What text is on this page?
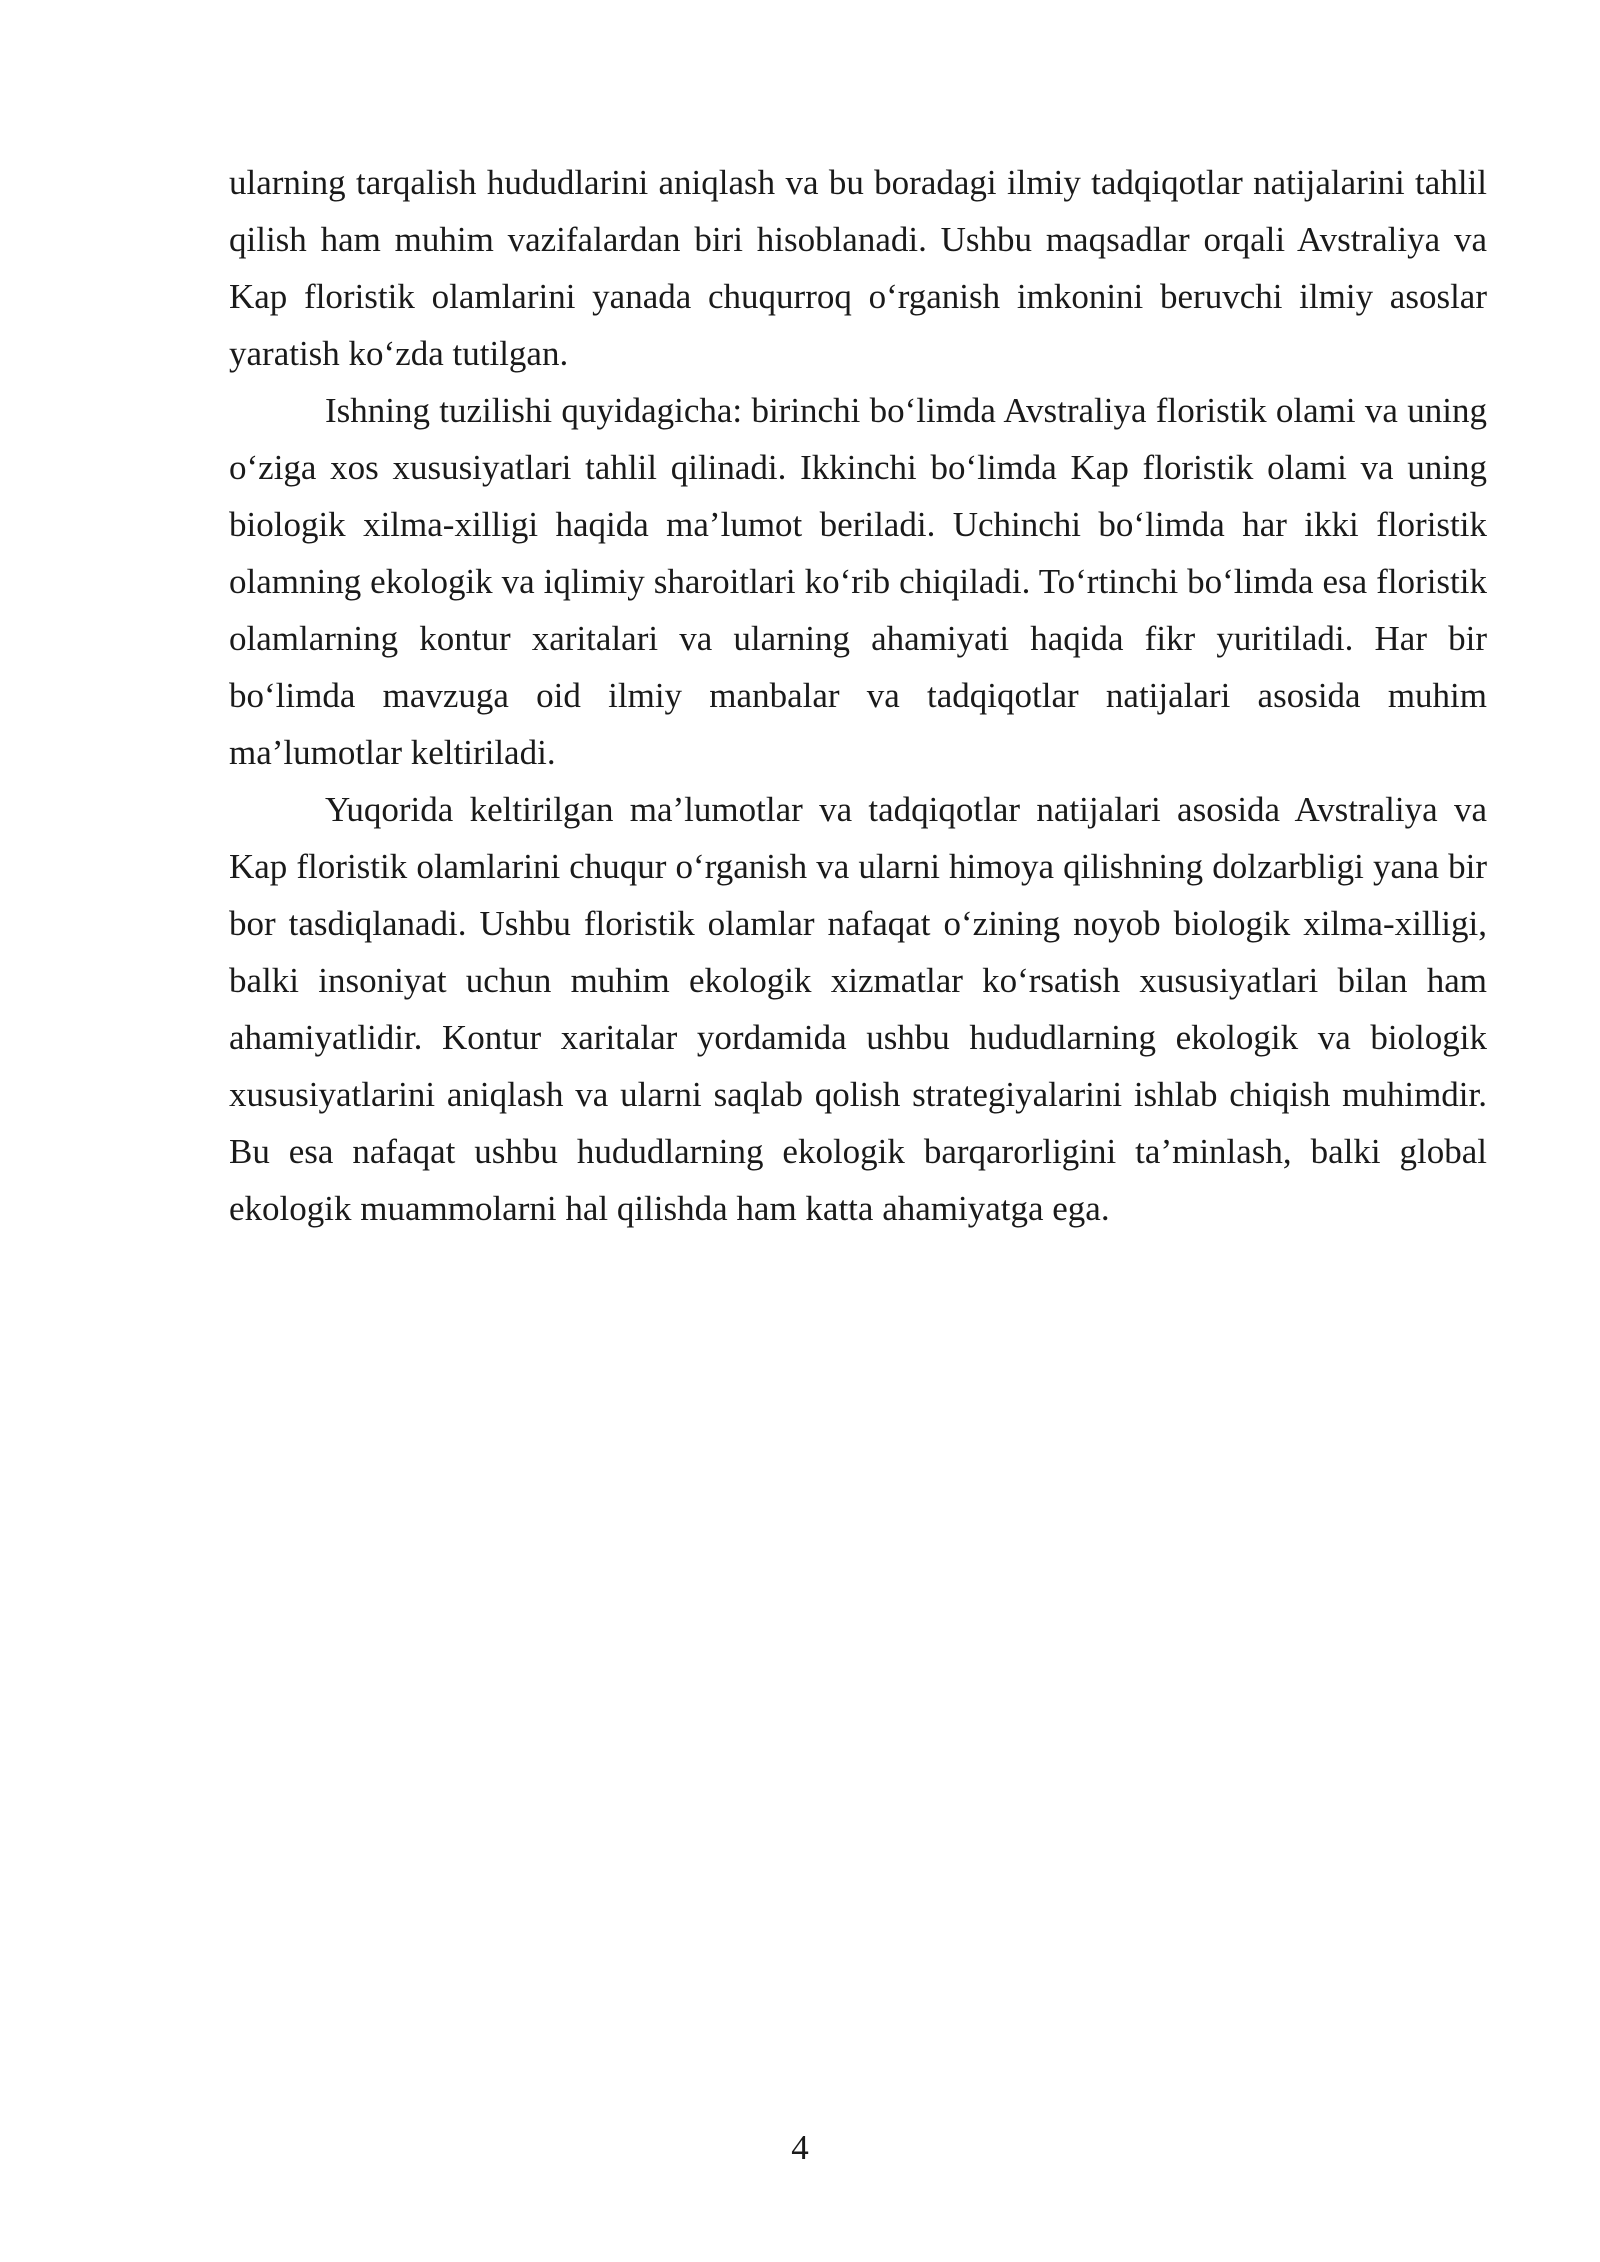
ularning tarqalish hududlarini aniqlash va bu boradagi ilmiy tadqiqotlar natijalarini tahlil qilish ham muhim vazifalardan biri hisoblanadi. Ushbu maqsadlar orqali Avstraliya va Kap floristik olamlarini yanada chuqurroq o‘rganish imkonini beruvchi ilmiy asoslar yaratish ko‘zda tutilgan.

Ishning tuzilishi quyidagicha: birinchi bo‘limda Avstraliya floristik olami va uning o‘ziga xos xususiyatlari tahlil qilinadi. Ikkinchi bo‘limda Kap floristik olami va uning biologik xilma-xilligi haqida ma’lumot beriladi. Uchinchi bo‘limda har ikki floristik olamning ekologik va iqlimiy sharoitlari ko‘rib chiqiladi. To‘rtinchi bo‘limda esa floristik olamlarning kontur xaritalari va ularning ahamiyati haqida fikr yuritiladi. Har bir bo‘limda mavzuga oid ilmiy manbalar va tadqiqotlar natijalari asosida muhim ma’lumotlar keltiriladi.

Yuqorida keltirilgan ma’lumotlar va tadqiqotlar natijalari asosida Avstraliya va Kap floristik olamlarini chuqur o‘rganish va ularni himoya qilishning dolzarbligi yana bir bor tasdiqlanadi. Ushbu floristik olamlar nafaqat o‘zining noyob biologik xilma-xilligi, balki insoniyat uchun muhim ekologik xizmatlar ko‘rsatish xususiyatlari bilan ham ahamiyatlidir. Kontur xaritalar yordamida ushbu hududlarning ekologik va biologik xususiyatlarini aniqlash va ularni saqlab qolish strategiyalarini ishlab chiqish muhimdir. Bu esa nafaqat ushbu hududlarning ekologik barqarorligini ta’minlash, balki global ekologik muammolarni hal qilishda ham katta ahamiyatga ega.

4
